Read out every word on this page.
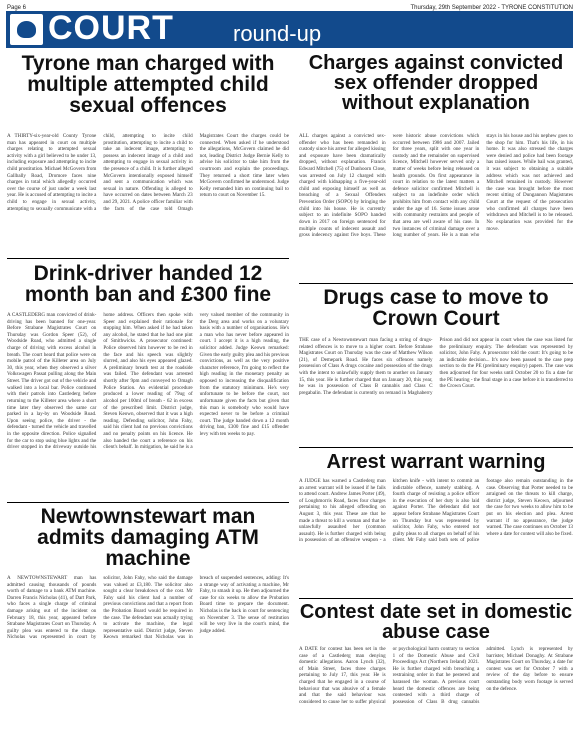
Page 6	Thursday, 29th September 2022 - TYRONE CONSTITUTION
COURT	round-up
Tyrone man charged with multiple attempted child sexual offences
A THIRTY-six-year-old County Tyrone man has appeared in court on multiple charges relating to attempted sexual activity with a girl believed to be under 13, including exposure and attempting to incite child prostitution. Michael McGovern from Gallbally Road, Dromore faces nine charges in total which allegedly occurred over the course of just under a week last year. He is accused of attempting to incite a child to engage in sexual activity, attempting to sexually communicate with a child, attempting to incite child prostitution, attempting to incite a child to take an indecent image, attempting to possess an indecent image of a child and attempting to engage in sexual activity in the presence of a child. It is further alleged McGovern intentionally exposed himself and sent a communication which was sexual in nature. Offending is alleged to have occurred on dates between March 23 and 29, 2021. A police officer familiar with the facts of the case told Omagh Magistrates Court the charges could be connected. When asked if he understood the allegations, McGovern claimed he did not, leading District Judge Bernie Kelly to advise his solicitor to take him from the courtroom and explain the proceedings. They returned a short time later when McGovern confirmed he understood. Judge Kelly remanded him on continuing bail to return to court on November 15.
Charges against convicted sex offender dropped without explanation
ALL charges against a convicted sex-offender who has been remanded in custody since his arrest for alleged kissing and exposure have been dramatically dropped, without explanation. Francis Edward Mitchell (75) of Dunhoorn Close, was arrested on July 12 charged with charged with kidnapping a five-year-old child and exposing himself as well as breaching of a Sexual Offenders Prevention Order (SOPO) by bringing the child into his house. He is currently subject to an indefinite SOPO handed down in 2017 on foreign sentenced for multiple counts of indecent assault and gross indecency against five boys. These were historic abuse convictions which occurred between 1986 and 2007. Jailed for three years, split with one year in custody and the remainder on supervised licence, Mitchell however served only a matter of weeks before being released on health grounds. On first appearance in court in relation to the latest matters a defence solicitor confirmed Mitchell is subject to an indefinite order which prohibits him from contact with any child under the age of 16. Some issues arose with community restraints and people of that area are well aware of his case. In two instances of criminal damage over a long number of years. He is a man who stays in his house and his nephew goes to the shop for him. That's his life, in his home. It was also stressed the charges were denied and police had been footage has raised issues. While bail was granted, it was subject to obtaining a suitable address which was not achieved and Mitchell remained in custody. However the case was brought before the most recent sitting of Dungannon Magistrates Court at the request of the prosecution who confirmed all charges have been withdrawn and Mitchell is to be released. No explanation was provided for the move.
Drink-driver handed 12 month ban and £300 fine
A CASTLEDERG man convicted of drink-driving has been banned for one-year. Before Strabane Magistrates Court on Thursday was Gordon Speer (52), of Woodside Road, who admitted a single charge of driving with excess alcohol in breath. The court heard that police were on mobile patrol of the Killeter area on July 30, this year, when they observed a silver Volkswagen Passat pulling along the Main Street. The driver got out of the vehicle and walked into a local bar. Police continued with their patrols into Castlederg before returning to the Killeter area where a short time later they observed the same car parked in a lay-by on Woodside Road. Upon seeing police, the driver - the defendant - turned the vehicle and travelled in the opposite direction. Police signalled for the car to stop using blue lights and the driver stopped in the driveway outside his home address. Officers then spoke with Speer and explained their rationale for stopping him. When asked if he had taken any alcohol, he stated that he had one pint of Smithwicks. A prosecutor continued: Police observed him however to be red in the face and his speech was slightly slurred, and also his eyes appeared glazed. A preliminary breath test at the roadside was failed. The defendant was arrested shortly after 9pm and conveyed to Omagh Police Station. An evidential procedure produced a lower reading of 79ug of alcohol per 100ml of breath - 62 in excess of the prescribed limit. District judge, Steven Keown, observed that it was a high reading. Defending solicitor, John Fahy, said his client had no previous convictions and no penalty points on his licence. He also handed the court a reference on his client's behalf. In mitigation, he said he is a very valued member of the community in the Derg area and works on a voluntary basis with a number of organisations. He's a man who has never before appeared in court. I accept it is a high reading, the solicitor added. Judge Keown remarked: Given the early guilty plea and his previous convictions, as well as the very positive character reference, I'm going to reflect the high reading in the monetary penalty as opposed to increasing the disqualification from the statutory minimum. He's very unfortunate to be before the court, not unfortunate given the facts but given that this man is somebody who would have expected never to be before a criminal court. The judge handed down a 12 month driving ban, £300 fine and £15 offender levy with ten weeks to pay.
Drugs case to move to Crown Court
THE case of a Newtownstewart man facing a string of drugs-related offences is to move to a higher court. Before Strabane Magistrates Court on Thursday was the case of Matthew Wilson (21), of Demepark Road. He faces six offences namely possession of Class A drugs cocaine and possession of the drugs with the intent to unlawfully supply them to another on January 15, this year. He is further charged that on January 20, this year, he was in possession of Class B cannabis and Class C pregabalin. The defendant is currently on remand in Maghaberry Prison and did not appear in court when the case was listed for the preliminary enquiry. The defendant was represented by solicitor, John Fahy. A prosecutor told the court: It's going to be an indictable decision... It's now been passed to the case prep section to do the PE (preliminary enquiry) papers. The case was then adjourned for four weeks until October 20 to fix a date for the PE hearing - the final stage in a case before it is transferred to the Crown Court.
Arrest warrant warning
A JUDGE has warned a Castlederg man an arrest warrant will be issued if he fails to attend court. Andrew James Porter (49), of Loughmorris Road, faces four charges pertaining to his alleged offending on August 3, this year. These are that he made a threat to kill a woman and that he unlawfully assaulted her (common assault). He is further charged with being in possession of an offensive weapon - a kitchen knife - with intent to commit an indictable offence, namely stabbing. A fourth charge of resisting a police officer in the execution of her duty is also laid against Porter. The defendant did not appear before Strabane Magistrates Court on Thursday but was represented by solicitor, John Fahy, who entered not guilty pleas to all charges on behalf of his client. Mr Fahy said both sets of police footage also remain outstanding in the case. Observing that Porter needed to be arraigned on the threats to kill charge, district judge, Steven Keown, adjourned the case for two weeks to allow him to be put on his election and plea. Arrest warrant if no appearance, the judge warned. The case continues on October 13 where a date for contest will also be fixed.
Newtownstewart man admits damaging ATM machine
A NEWTOWNSTEWART man has admitted causing thousands of pounds worth of damage to a bank ATM machine. Darren Francis Nicholas (41), of Dart Park, who faces a single charge of criminal damage arising out of the incident on February 18, this year, appeared before Strabane Magistrates Court on Thursday. A guilty plea was entered to the charge. Nicholas was represented in court by solicitor, John Fahy, who said the damage was valued at £3,180. The solicitor also sought a clear breakdown of the cost. Mr Fahy said his client had a number of previous convictions and that a report from the Probation Board would be required in the case. The defendant was actually trying to activate the machine, the legal representative said. District judge, Steven Keown remarked that Nicholas was in breach of suspended sentences, adding: It's a strange way of activating a machine, Mr Fahy, to smash it up. He then adjourned the case for six weeks to allow the Probation Board time to prepare the document. Nicholas is the back in court for sentencing on November 3. The sense of restitution will be very live in the court's mind, the judge added.
Contest date set in domestic abuse case
A DATE for contest has been set in the case of a Castlederg man denying domestic allegations. Aaron Lynch (32), of Main Street, faces three charges pertaining to July 17, this year. He is charged that he engaged in a course of behaviour that was abusive of a female and that the said behaviour was considered to cause her to suffer physical or psychological harm contrary to section 1 of the Domestic Abuse and Civil Proceedings Act (Northern Ireland) 2021. He is further charged with breaching a restraining order in that he pestered and harassed the woman. A previous court heard the domestic offences are being contested with a third charge of possession of Class B drug cannabis admitted. Lynch is represented by barrister, Michael Donaghy. At Strabane Magistrates Court on Thursday, a date for contest was set for October 7 with a review of the day before to ensure outstanding body worn footage is served on the defence.
